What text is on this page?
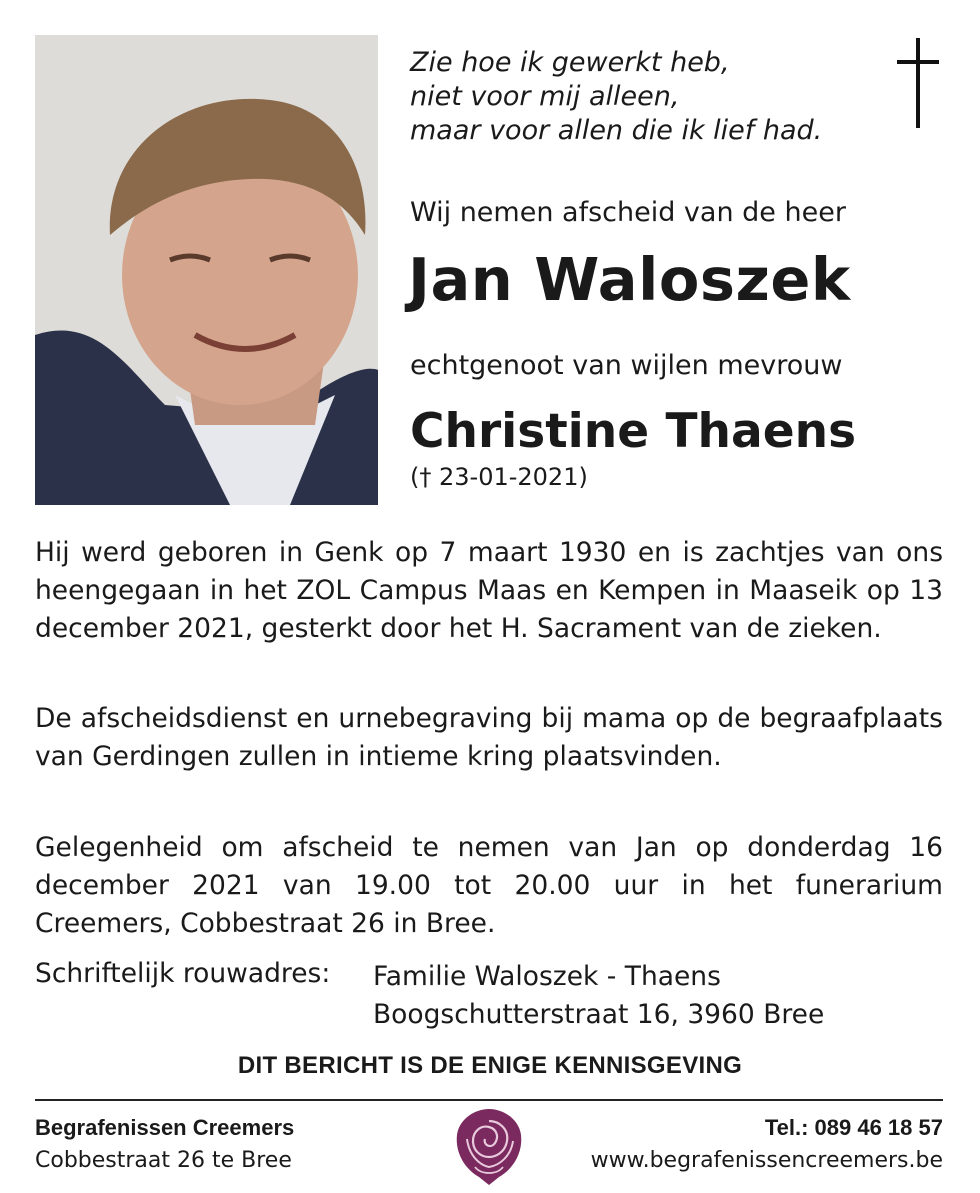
Zie hoe ik gewerkt heb,
niet voor mij alleen,
maar voor allen die ik lief had.
Wij nemen afscheid van de heer
Jan Waloszek
echtgenoot van wijlen mevrouw
Christine Thaens
(† 23-01-2021)
Hij werd geboren in Genk op 7 maart 1930 en is zachtjes van ons heengegaan in het ZOL Campus Maas en Kempen in Maaseik op 13 december 2021, gesterkt door het H. Sacrament van de zieken.
De afscheidsdienst en urnebegraving bij mama op de begraafplaats van Gerdingen zullen in intieme kring plaatsvinden.
Gelegenheid om afscheid te nemen van Jan op donderdag 16 december 2021 van 19.00 tot 20.00 uur in het funerarium Creemers, Cobbestraat 26 in Bree.
Schriftelijk rouwadres: Familie Waloszek - Thaens
Boogschutterstraat 16, 3960 Bree
DIT BERICHT IS DE ENIGE KENNISGEVING
Begrafenissen Creemers
Cobbestraat 26 te Bree
Tel.: 089 46 18 57
www.begrafenissencreemers.be
